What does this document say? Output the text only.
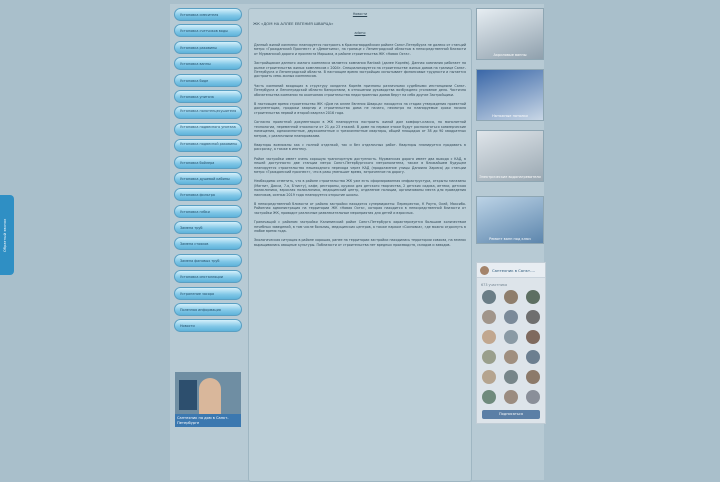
Обратный звонок
Установка смесителя
Установка счетчиков воды
Установка раковины
Установка ванны
Установка биде
Установка унитаза
Установка полотенцесушителя
Установка подвесного унитаза
Установка подвесной раковины
Установка бойлера
Установка душевой кабины
Установка фильтра
Установка гибки
Замена труб
Замена стояков
Замена фановых труб
Установка инсталляции
Устранение засора
Полезная информация
Новости
Сантехник на дом в Санкт-Петербурге
Новости
ЖК «ДОМ НА АЛЛЕЕ ЕВГЕНИЯ ШВАРЦА»
adsmo

Данный жилой комплекс планируется построить в Красногвардейском районе Санкт-Петербурга не далеко от станций метро «Гражданский Проспект» и «Девяткино», на границе с Ленинградской областью в непосредственной близости от Мурманской дороги и проспекта Маршака, в районе строительства ЖК «Новая Охта».

Застройщиком данного жилого комплекса является компания Rantasit (далее Корнёв). Данная компания работает на рынке строительства жилых комплексов с 2004г. Специализируется на строительстве жилых домов на границе Санкт-Петербурга и Ленинградской области. В настоящее время застройщик испытывает финансовые трудности и пытается достроить семь жилых комплексов.

Часть компаний входящих в структуру холдинга Корнёв признаны различными судебными инстанциями Санкт-Петербурга и Ленинградской области банкротами, в отношении руководства возбуждено уголовное дело. Частично обязательства компании по окончанию строительства недостроенных домов берут на себя другие Застройщики.

В настоящее время строительство ЖК «Дом на аллее Евгения Шварца» находится на стадии утверждения проектной документации, продажи квартир и строительство дома не начато, несмотря на планируемые сроки начала строительства первой и второй квартал 2016 года.

Согласно проектной документации в ЖК планируется построить жилой дом комфорт-класса, по монолитной технологии, переменной этажности от 21 до 23 этажей. В доме на первом этаже будут располагаться коммерческие помещения, однокомнатные, двухкомнатные и трехкомнатные квартиры, общей площадью от 38 до 90 квадратных метров, с различными планировками.

Квартиры возможны как с полной отделкой, так и без отделочных работ. Квартиры планируется продавать в рассрочку, а также в ипотеку.

Район застройки имеет очень хорошую транспортную доступность. Мурманская дорога имеет два выхода с КАД, в пешей доступности две станции метро Санкт-Петербургского метрополитена, также в ближайшем будущем планируется строительство пешеходного перехода через КАД (продолжение улицы Даниила Хармса) до станции метро «Гражданский проспект», что в разы уменьшит время, затраченное на дорогу.

Необходимо отметить, что в районе строительства ЖК уже есть сформированная инфраструктура, открыты магазины (Магнит, Дикси, 7-я, Б'листу), кафе, рестораны, кружки для детского творчества, 2 детских садика, аптеки, детская поликлиника, взрослая поликлиника, медицинский центр, отделение полиции, организованы места для проведения пикников, осенью 2019 года планируется открытие школы.

В непосредственной близости от района застройки находятся супермаркеты: Перекресток, К Раута, Окей, Максибо. Районная администрация на территории ЖК «Новая Охта», которая находится в непосредственной близости от застройки ЖК, проводит различные развлекательные мероприятия для детей и взрослых.

Граничащий с районом застройки Калининский район Санкт-Петербурга характеризуется большим количеством печебных заведений, в том числе больниц, медицинских центров, а также парком «Сосновка», где можно отдохнуть в любое время года.

Экологическая ситуация в районе хорошая, ранее на территории застройки находились территории совхоза, на землях выращивались овощные культуры. Поблизости от строительства нет вредных производств, складов и заводов.

Акриловые ванны
Натяжные потолки
Электрические водонагреватели
Ремонт ванн под ключ
Сантехник в Санкт-...
673 участника
Подписаться
